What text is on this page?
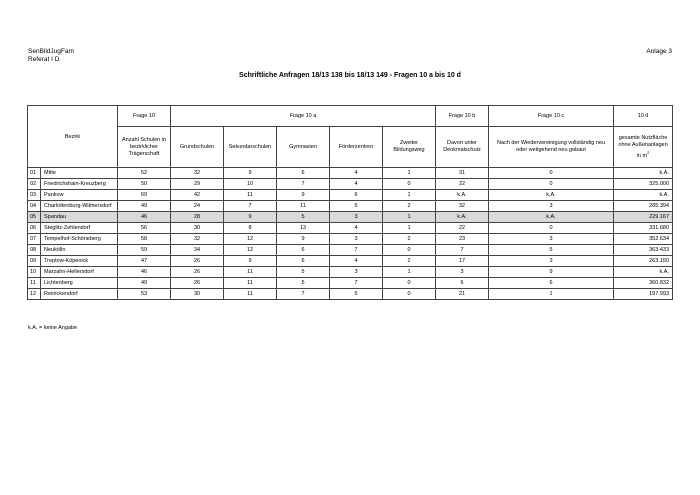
SenBildJugFam
Referat I D
Anlage 3
Schriftliche Anfragen 18/13 138 bis 18/13 149 - Fragen 10 a bis 10 d
Bezirk		Frage 10	Frage 10 a					Frage 10 b	Frage 10 c	10 d
		Anzahl Schulen in bezirklicher Trägerschaft	Grundschulen	Sekundarschulen	Gymnasien	Förderzentren	Zweiter Bildungsweg	Davon unter Denkmalschutz	Nach der Wiedervereinigung vollständig neu oder weitgehend neu gebaut	gesamte Nutzfläche ohne Außenanlagen in $m^2$
01	Mitte	52	32	9	6	4	1	31	0	k.A.
02	Friedrichshain-Kreuzberg	50	29	10	7	4	0	22	0	325.000
03	Pankow	69	42	11	9	6	1	k.A.	k.A.	k.A.
04	Charlottenburg-Wilmersdorf	49	24	7	11	5	2	32	3	285.394
05	Spandau	46	28	9	5	3	1	k.A.	k.A.	229.167
06	Steglitz-Zehlendorf	56	30	8	13	4	1	22	0	331.680
07	Tempelhof-Schöneberg	58	32	12	9	3	2	23	3	352.634
08	Neukölln	59	34	12	6	7	0	7	5	363.433
09	Treptow-Köpenick	47	26	9	6	4	2	17	3	263.150
10	Marzahn-Hellersdorf	46	26	11	5	3	1	3	9	k.A.
11	Lichtenberg	49	26	11	5	7	0	6	6	360.832
12	Reinickendorf	53	30	11	7	5	0	21	1	197.993
k.A. = keine Angabe
